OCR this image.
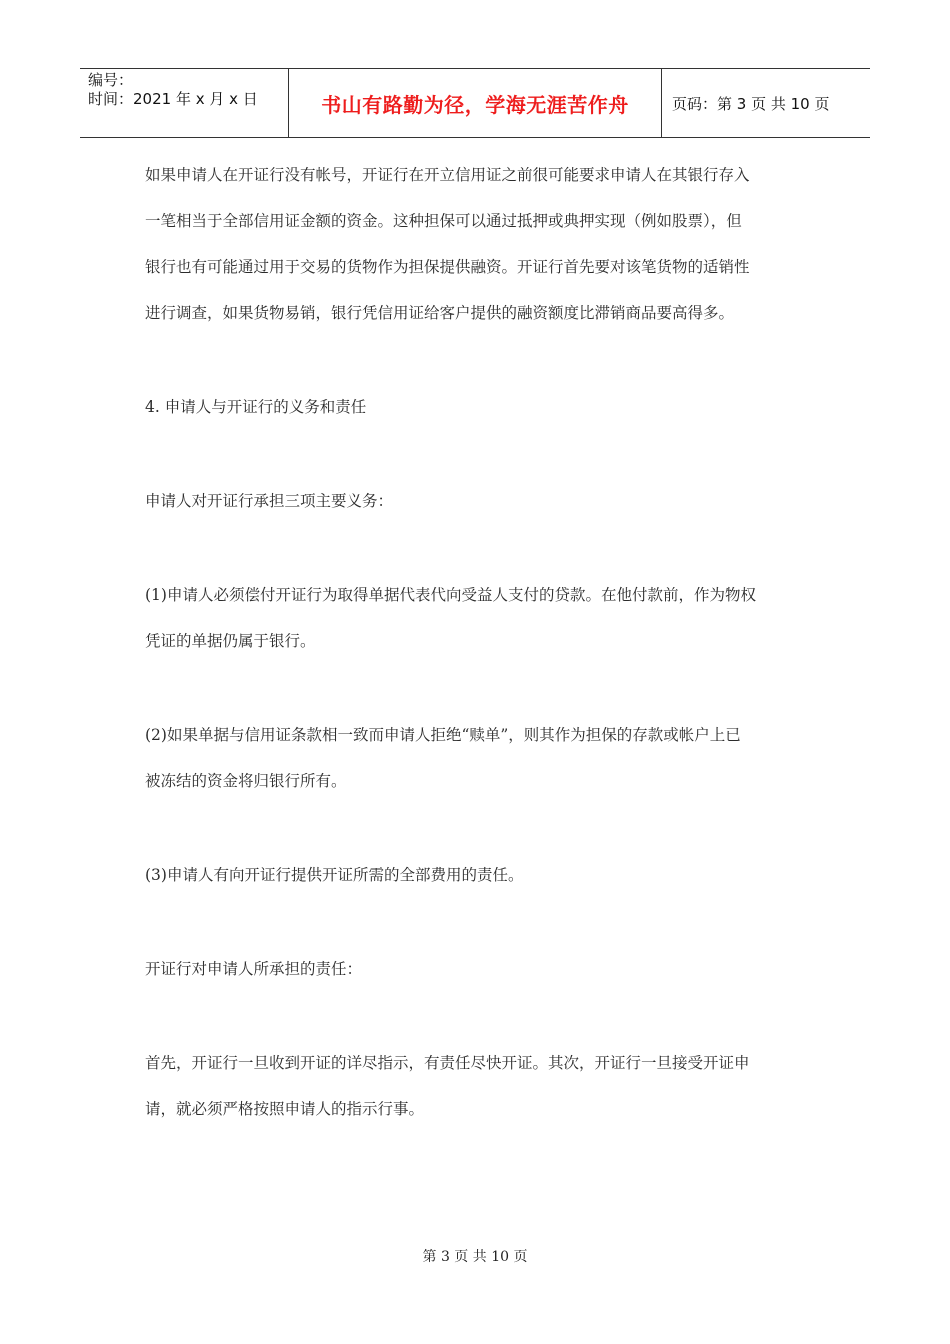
编号：
时间：2021 年 x 月 x 日	书山有路勤为径，学海无涯苦作舟	页码：第 3 页 共 10 页

如果申请人在开证行没有帐号，开证行在开立信用证之前很可能要求申请人在其银行存入

一笔相当于全部信用证金额的资金。这种担保可以通过抵押或典押实现（例如股票），但

银行也有可能通过用于交易的货物作为担保提供融资。开证行首先要对该笔货物的适销性

进行调查，如果货物易销，银行凭信用证给客户提供的融资额度比滞销商品要高得多。

4. 申请人与开证行的义务和责任

申请人对开证行承担三项主要义务：

(1)申请人必须偿付开证行为取得单据代表代向受益人支付的贷款。在他付款前，作为物权

凭证的单据仍属于银行。

(2)如果单据与信用证条款相一致而申请人拒绝“赎单”，则其作为担保的存款或帐户上已

被冻结的资金将归银行所有。

(3)申请人有向开证行提供开证所需的全部费用的责任。

开证行对申请人所承担的责任：

首先，开证行一旦收到开证的详尽指示，有责任尽快开证。其次，开证行一旦接受开证申

请，就必须严格按照申请人的指示行事。

第 3 页 共 10 页
